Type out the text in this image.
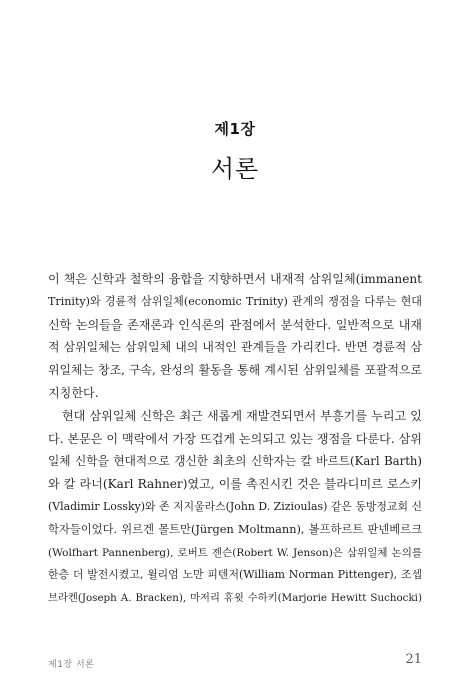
제1장

서론
이 책은 신학과 철학의 융합을 지향하면서 내재적 삼위일체(immanent
Trinity)와 경륜적 삼위일체(economic Trinity) 관계의 쟁점을 다루는 현대
신학 논의들을 존재론과 인식론의 관점에서 분석한다. 일반적으로 내재
적 삼위일체는 삼위일체 내의 내적인 관계들을 가리킨다. 반면 경륜적 삼
위일체는 창조, 구속, 완성의 활동을 통해 계시된 삼위일체를 포괄적으로
지칭한다.
현대 삼위일체 신학은 최근 새롭게 재발견되면서 부흥기를 누리고 있
다. 본문은 이 맥락에서 가장 뜨겁게 논의되고 있는 쟁점을 다룬다. 삼위
일체 신학을 현대적으로 갱신한 최초의 신학자는 칼 바르트(Karl Barth)
와 칼 라너(Karl Rahner)였고, 이를 촉진시킨 것은 블라디미르 로스키
(Vladimir Lossky)와 존 지지울라스(John D. Zizioulas) 같은 동방정교회 신
학자들이었다. 위르겐 몰트만(Jürgen Moltmann), 볼프하르트 판넨베르크
(Wolfhart Pannenberg), 로버트 젠슨(Robert W. Jenson)은 삼위일체 논의를
한층 더 발전시켰고, 윌리엄 노만 피텐저(William Norman Pittenger), 조셉
브라켄(Joseph A. Bracken), 마저리 휴윗 수하키(Marjorie Hewitt Suchocki)
제1장 서론	21
